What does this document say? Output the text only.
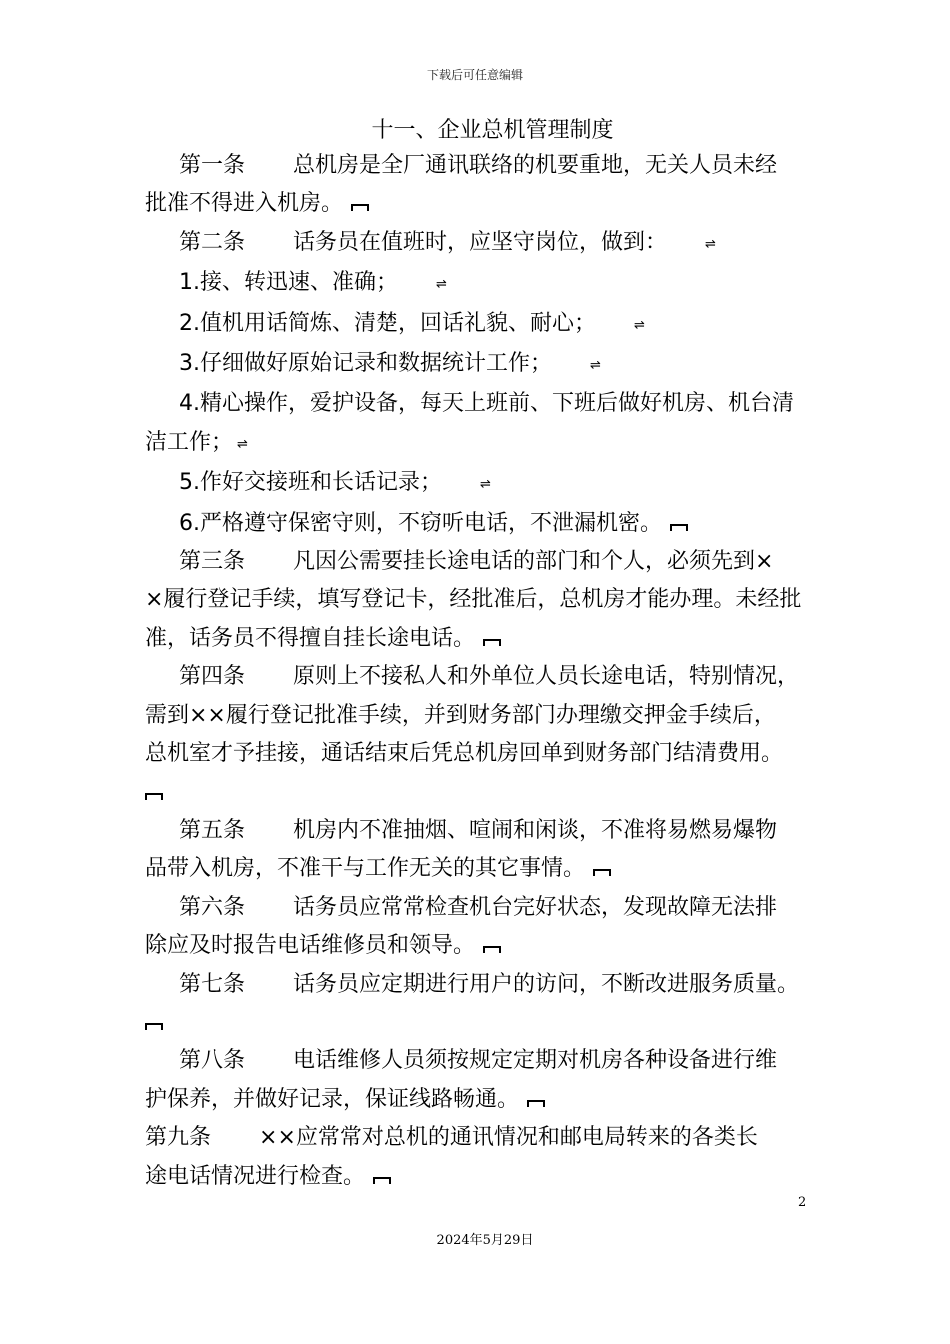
下载后可任意编辑
十一、企业总机管理制度

第一条 总机房是全厂通讯联络的机要重地，无关人员未经
批准不得进入机房。

第二条 话务员在值班时，应坚守岗位，做到：	⇌

1.接、转迅速、准确；	⇌

2.值机用话简炼、清楚，回话礼貌、耐心；	⇌

3.仔细做好原始记录和数据统计工作；	⇌

4.精心操作，爱护设备，每天上班前、下班后做好机房、机台清
洁工作； ⇌

5.作好交接班和长话记录；	⇌

6.严格遵守保密守则，不窃听电话，不泄漏机密。

第三条 凡因公需要挂长途电话的部门和个人，必须先到×
×履行登记手续，填写登记卡，经批准后，总机房才能办理。未经批
准，话务员不得擅自挂长途电话。

第四条 原则上不接私人和外单位人员长途电话，特别情况，
需到××履行登记批准手续，并到财务部门办理缴交押金手续后，
总机室才予挂接，通话结束后凭总机房回单到财务部门结清费用。

第五条 机房内不准抽烟、喧闹和闲谈，不准将易燃易爆物
品带入机房，不准干与工作无关的其它事情。

第六条 话务员应常常检查机台完好状态，发现故障无法排
除应及时报告电话维修员和领导。

第七条 话务员应定期进行用户的访问，不断改进服务质量。

第八条 电话维修人员须按规定定期对机房各种设备进行维
护保养，并做好记录，保证线路畅通。

第九条 ××应常常对总机的通讯情况和邮电局转来的各类长
途电话情况进行检查。

2
2024年5月29日
